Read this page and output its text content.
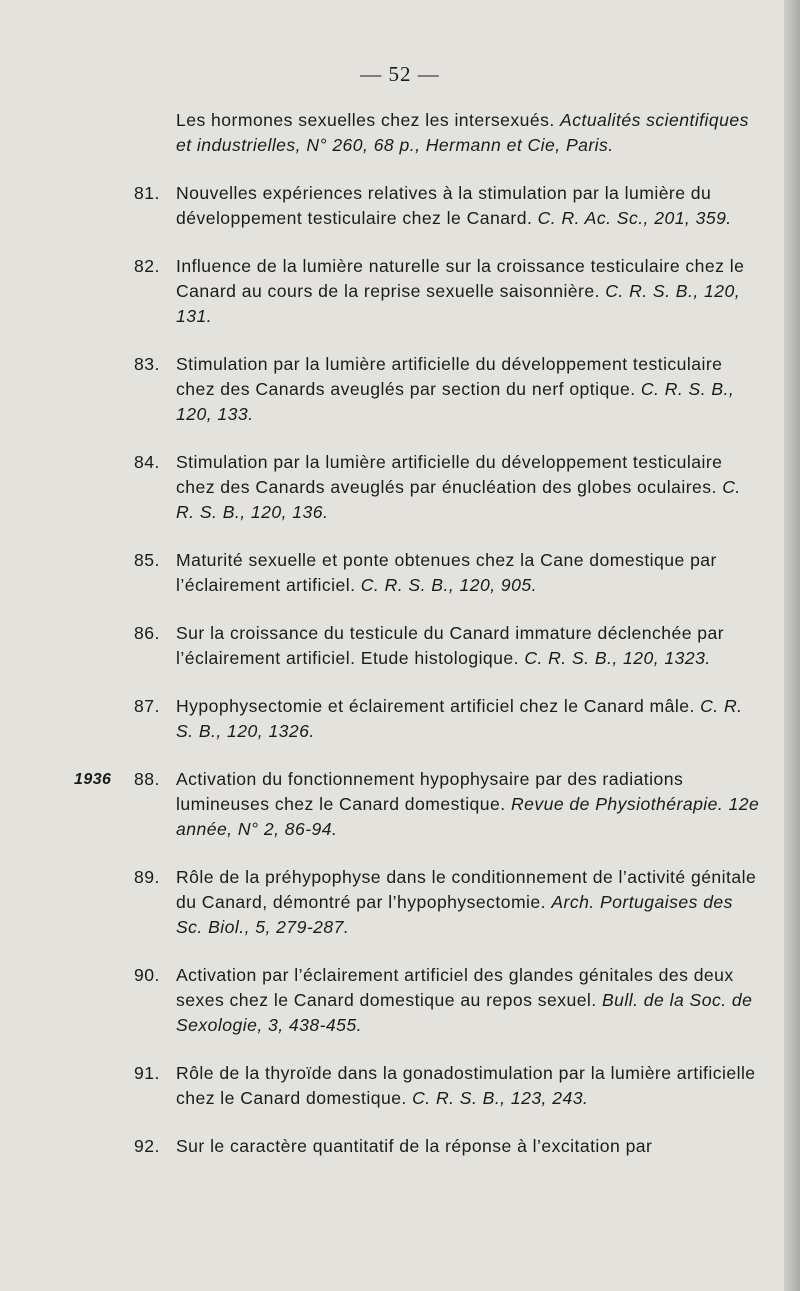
— 52 —
Les hormones sexuelles chez les intersexués. Actualités scientifiques et industrielles, N° 260, 68 p., Hermann et Cie, Paris.
81. Nouvelles expériences relatives à la stimulation par la lumière du développement testiculaire chez le Canard. C. R. Ac. Sc., 201, 359.
82. Influence de la lumière naturelle sur la croissance testiculaire chez le Canard au cours de la reprise sexuelle saisonnière. C. R. S. B., 120, 131.
83. Stimulation par la lumière artificielle du développement testiculaire chez des Canards aveuglés par section du nerf optique. C. R. S. B., 120, 133.
84. Stimulation par la lumière artificielle du développement testiculaire chez des Canards aveuglés par énucléation des globes oculaires. C. R. S. B., 120, 136.
85. Maturité sexuelle et ponte obtenues chez la Cane domestique par l’éclairement artificiel. C. R. S. B., 120, 905.
86. Sur la croissance du testicule du Canard immature déclenchée par l’éclairement artificiel. Etude histologique. C. R. S. B., 120, 1323.
87. Hypophysectomie et éclairement artificiel chez le Canard mâle. C. R. S. B., 120, 1326.
1936 88. Activation du fonctionnement hypophysaire par des radiations lumineuses chez le Canard domestique. Revue de Physiothérapie. 12e année, N° 2, 86-94.
89. Rôle de la préhypophyse dans le conditionnement de l’activité génitale du Canard, démontré par l’hypophysectomie. Arch. Portugaises des Sc. Biol., 5, 279-287.
90. Activation par l’éclairement artificiel des glandes génitales des deux sexes chez le Canard domestique au repos sexuel. Bull. de la Soc. de Sexologie, 3, 438-455.
91. Rôle de la thyroïde dans la gonadostimulation par la lumière artificielle chez le Canard domestique. C. R. S. B., 123, 243.
92. Sur le caractère quantitatif de la réponse à l’excitation par
